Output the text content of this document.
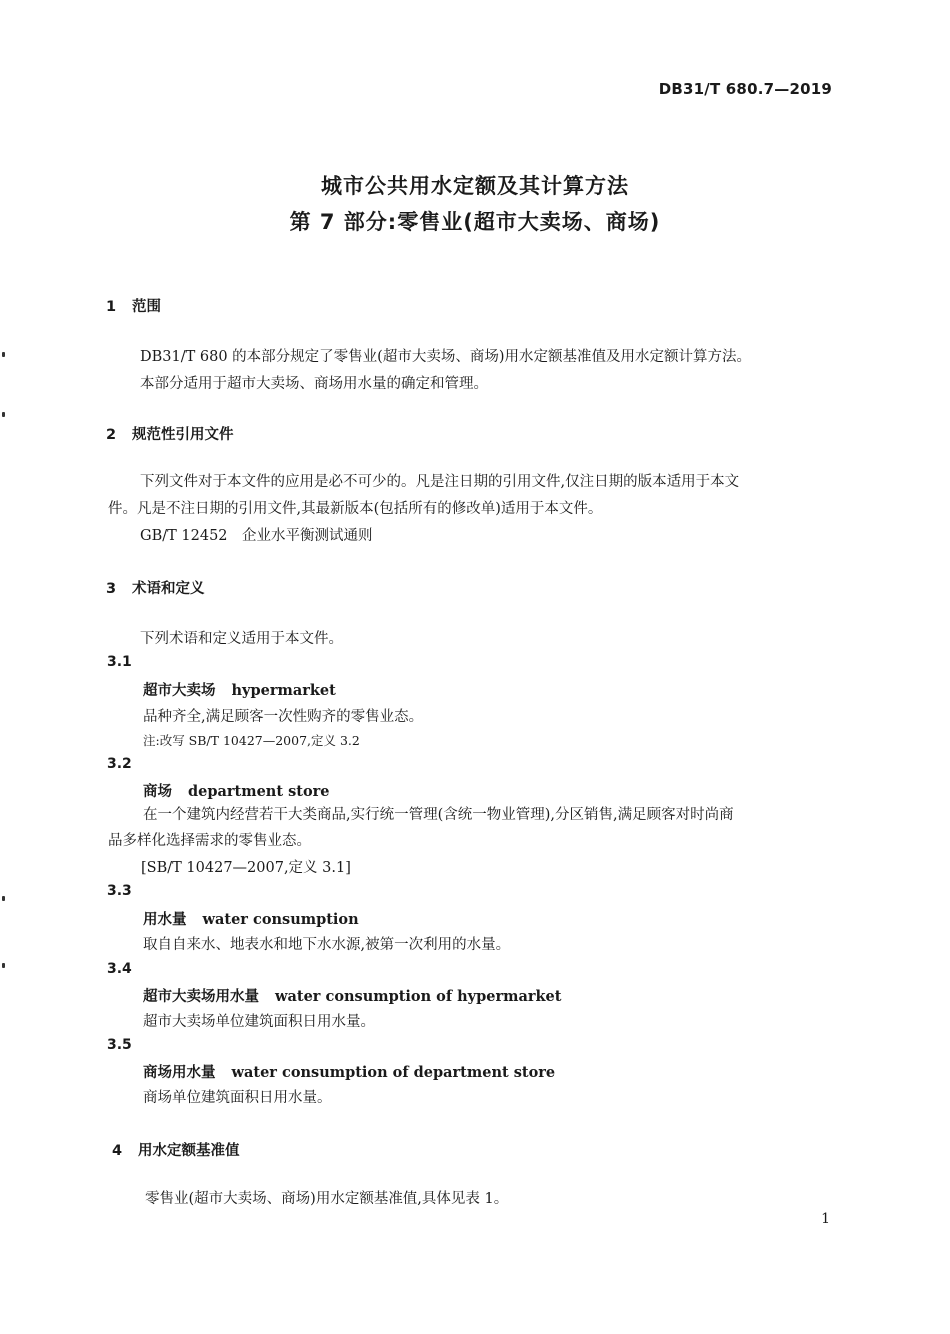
DB31/T 680.7—2019
城市公共用水定额及其计算方法
第 7 部分:零售业(超市大卖场、商场)
1 范围
DB31/T 680 的本部分规定了零售业(超市大卖场、商场)用水定额基准值及用水定额计算方法。
本部分适用于超市大卖场、商场用水量的确定和管理。
2 规范性引用文件
下列文件对于本文件的应用是必不可少的。凡是注日期的引用文件,仅注日期的版本适用于本文
件。凡是不注日期的引用文件,其最新版本(包括所有的修改单)适用于本文件。
GB/T 12452　企业水平衡测试通则
3 术语和定义
下列术语和定义适用于本文件。
3.1
超市大卖场 hypermarket
品种齐全,满足顾客一次性购齐的零售业态。
注:改写 SB/T 10427—2007,定义 3.2
3.2
商场 department store
在一个建筑内经营若干大类商品,实行统一管理(含统一物业管理),分区销售,满足顾客对时尚商
品多样化选择需求的零售业态。
[SB/T 10427—2007,定义 3.1]
3.3
用水量 water consumption
取自自来水、地表水和地下水水源,被第一次利用的水量。
3.4
超市大卖场用水量 water consumption of hypermarket
超市大卖场单位建筑面积日用水量。
3.5
商场用水量 water consumption of department store
商场单位建筑面积日用水量。
4 用水定额基准值
零售业(超市大卖场、商场)用水定额基准值,具体见表 1。
1
